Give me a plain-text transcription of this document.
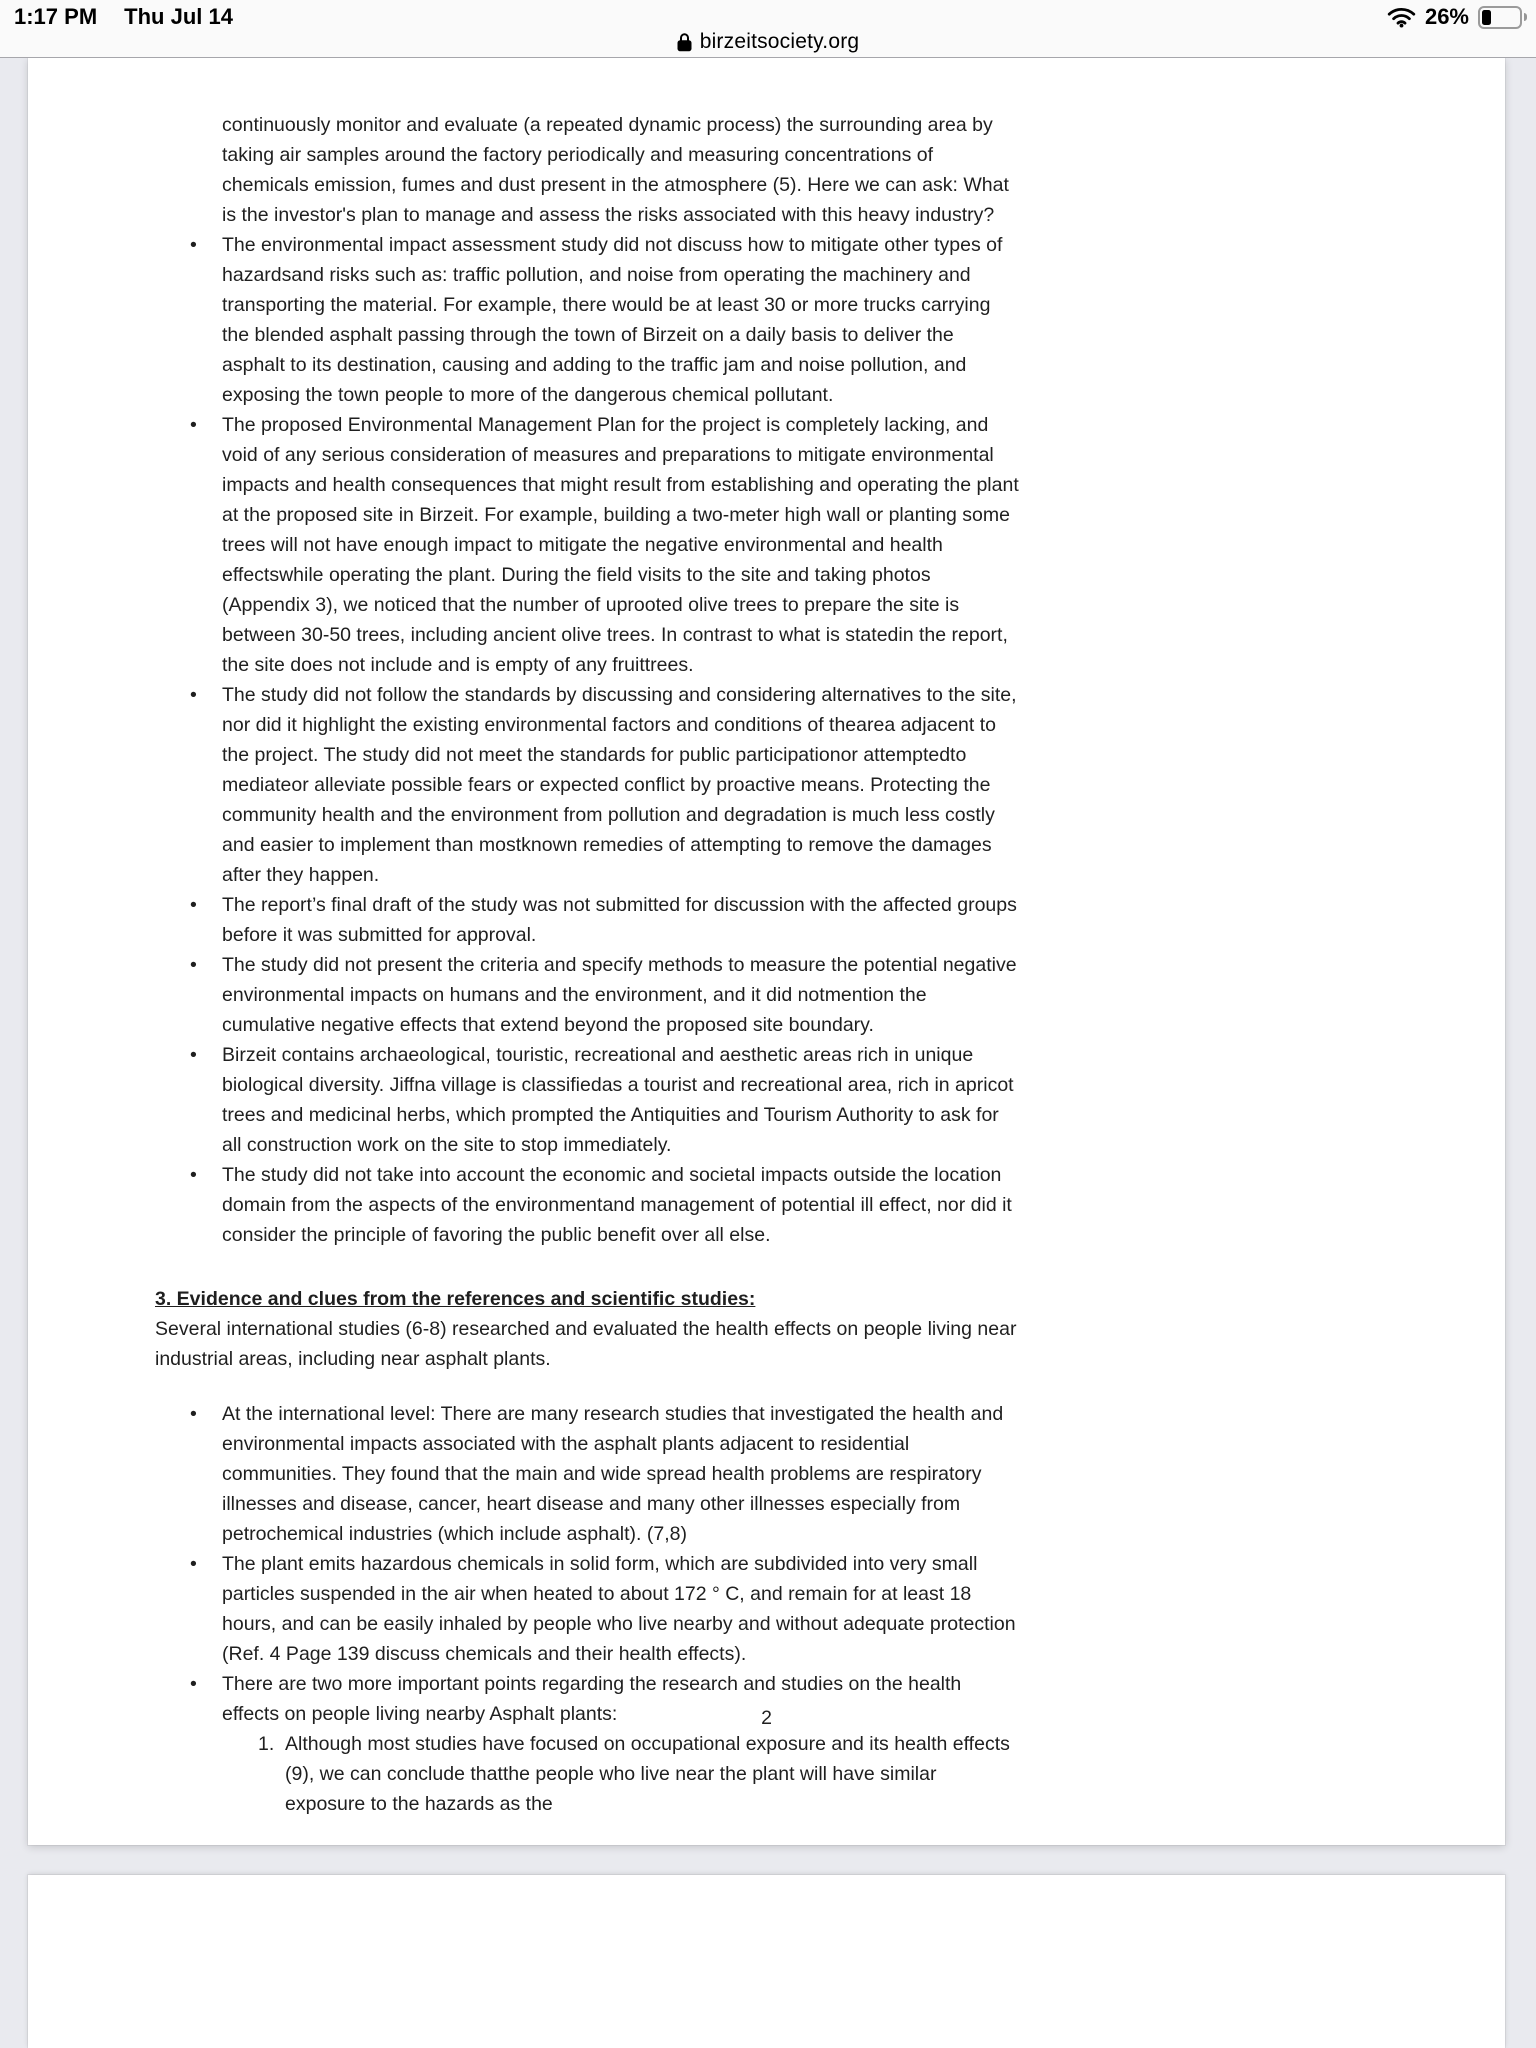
1:17 PM Thu Jul 14	26%
birzeitsociety.org

continuously monitor and evaluate (a repeated dynamic process) the surrounding area by taking air samples around the factory periodically and measuring concentrations of chemicals emission, fumes and dust present in the atmosphere (5). Here we can ask: What is the investor's plan to manage and assess the risks associated with this heavy industry?

• The environmental impact assessment study did not discuss how to mitigate other types of hazardsand risks such as: traffic pollution, and noise from operating the machinery and transporting the material. For example, there would be at least 30 or more trucks carrying the blended asphalt passing through the town of Birzeit on a daily basis to deliver the asphalt to its destination, causing and adding to the traffic jam and noise pollution, and exposing the town people to more of the dangerous chemical pollutant.
• The proposed Environmental Management Plan for the project is completely lacking, and void of any serious consideration of measures and preparations to mitigate environmental impacts and health consequences that might result from establishing and operating the plant at the proposed site in Birzeit. For example, building a two-meter high wall or planting some trees will not have enough impact to mitigate the negative environmental and health effectswhile operating the plant. During the field visits to the site and taking photos (Appendix 3), we noticed that the number of uprooted olive trees to prepare the site is between 30-50 trees, including ancient olive trees. In contrast to what is statedin the report, the site does not include and is empty of any fruittrees.
• The study did not follow the standards by discussing and considering alternatives to the site, nor did it highlight the existing environmental factors and conditions of thearea adjacent to the project. The study did not meet the standards for public participationor attemptedto mediateor alleviate possible fears or expected conflict by proactive means. Protecting the community health and the environment from pollution and degradation is much less costly and easier to implement than mostknown remedies of attempting to remove the damages after they happen.
• The report’s final draft of the study was not submitted for discussion with the affected groups before it was submitted for approval.
• The study did not present the criteria and specify methods to measure the potential negative environmental impacts on humans and the environment, and it did notmention the cumulative negative effects that extend beyond the proposed site boundary.
• Birzeit contains archaeological, touristic, recreational and aesthetic areas rich in unique biological diversity. Jiffna village is classifiedas a tourist and recreational area, rich in apricot trees and medicinal herbs, which prompted the Antiquities and Tourism Authority to ask for all construction work on the site to stop immediately.
• The study did not take into account the economic and societal impacts outside the location domain from the aspects of the environmentand management of potential ill effect, nor did it consider the principle of favoring the public benefit over all else.
3. Evidence and clues from the references and scientific studies:

Several international studies (6-8) researched and evaluated the health effects on people living near industrial areas, including near asphalt plants.

• At the international level: There are many research studies that investigated the health and environmental impacts associated with the asphalt plants adjacent to residential communities. They found that the main and wide spread health problems are respiratory illnesses and disease, cancer, heart disease and many other illnesses especially from petrochemical industries (which include asphalt). (7,8)
• The plant emits hazardous chemicals in solid form, which are subdivided into very small particles suspended in the air when heated to about 172 ° C, and remain for at least 18 hours, and can be easily inhaled by people who live nearby and without adequate protection (Ref. 4 Page 139 discuss chemicals and their health effects).
• There are two more important points regarding the research and studies on the health effects on people living nearby Asphalt plants:
1. Although most studies have focused on occupational exposure and its health effects (9), we can conclude thatthe people who live near the plant will have similar exposure to the hazards as the
2
